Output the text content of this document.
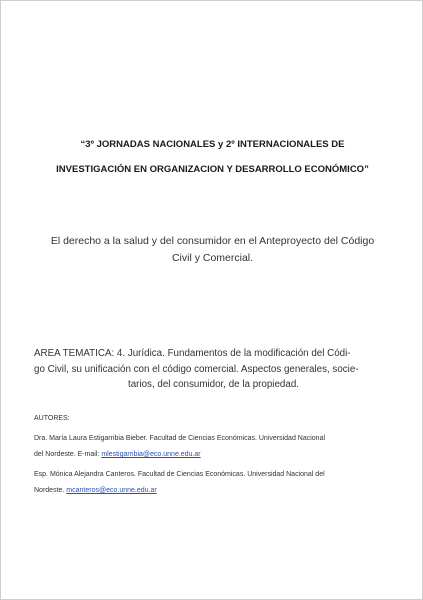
“3º JORNADAS NACIONALES y 2º INTERNACIONALES DE
INVESTIGACIÓN EN ORGANIZACION Y DESARROLLO ECONÓMICO”
El derecho a la salud y del consumidor en el Anteproyecto del Código
Civil y Comercial.
AREA TEMATICA: 4. Jurídica. Fundamentos de la modificación del Códi-
go Civil, su unificación con el código comercial. Aspectos generales, socie-
tarios, del consumidor, de la propiedad.
AUTORES:
Dra. María Laura Estigarribia Bieber. Facultad de Ciencias Económicas. Universidad Nacional
del Nordeste. E-mail: mlestigarribia@eco.unne.edu.ar
Esp. Mónica Alejandra Canteros. Facultad de Ciencias Económicas. Universidad Nacional del
Nordeste. mcanteros@eco.unne.edu.ar
